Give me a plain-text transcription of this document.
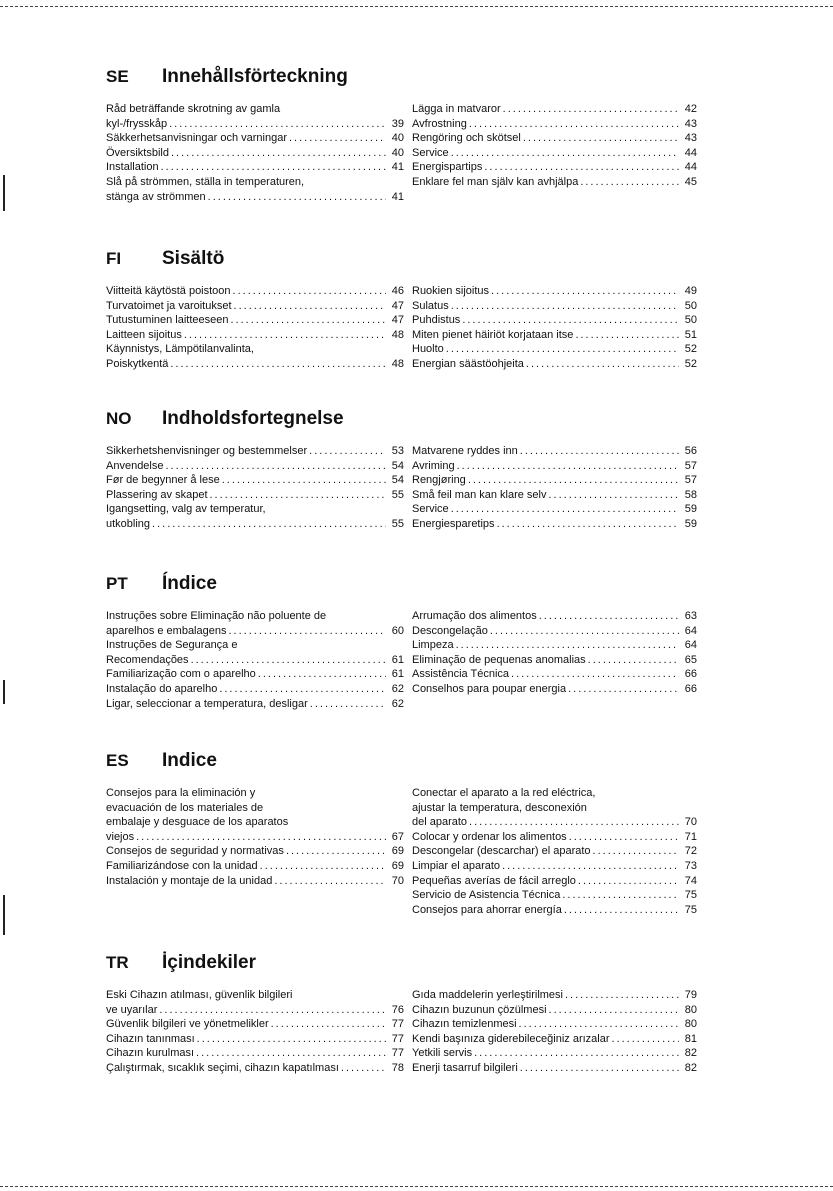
SE Innehållsförteckning
Råd beträffande skrotning av gamla
kyl-/frysskåp .....	39
Säkkerhetsanvisningar och varningar .....	40
Översiktsbild .....	40
Installation .....	41
Slå på strömmen, ställa in temperaturen,
stänga av strömmen .....	41
Lägga in matvaror .....	42
Avfrostning .....	43
Rengöring och skötsel .....	43
Service .....	44
Energispartips .....	44
Enklare fel man själv kan avhjälpa .....	45
FI Sisältö
Viitteitä käytöstä poistoon .....	46
Turvatoimet ja varoitukset .....	47
Tutustuminen laitteeseen .....	47
Laitteen sijoitus .....	48
Käynnistys, Lämpötilanvalinta,
Poiskytkentä .....	48
Ruokien sijoitus .....	49
Sulatus .....	50
Puhdistus .....	50
Miten pienet häiriöt korjataan itse .....	51
Huolto .....	52
Energian säästöohjeita .....	52
NO Indholdsfortegnelse
Sikkerhetshenvisninger og bestemmelser .....	53
Anvendelse .....	54
Før de begynner å lese .....	54
Plassering av skapet .....	55
Igangsetting, valg av temperatur,
utkobling .....	55
Matvarene ryddes inn .....	56
Avriming .....	57
Rengjøring .....	57
Små feil man kan klare selv .....	58
Service .....	59
Energiesparetips .....	59
PT Índice
Instruções sobre Eliminação não poluente de
aparelhos e embalagens .....	60
Instruções de Segurança e
Recomendações .....	61
Familiarização com o aparelho .....	61
Instalação do aparelho .....	62
Ligar, seleccionar a temperatura, desligar .....	62
Arrumação dos alimentos .....	63
Descongelação .....	64
Limpeza .....	64
Eliminação de pequenas anomalias .....	65
Assistência Técnica .....	66
Conselhos para poupar energia .....	66
ES Indice
Consejos para la eliminación y
evacuación de los materiales de
embalaje y desguace de los aparatos
viejos .....	67
Consejos de seguridad y normativas .....	69
Familiarizándose con la unidad .....	69
Instalación y montaje de la unidad .....	70
Conectar el aparato a la red eléctrica,
ajustar la temperatura, desconexión
del aparato .....	70
Colocar y ordenar los alimentos .....	71
Descongelar (descarchar) el aparato .....	72
Limpiar el aparato .....	73
Pequeñas averías de fácil arreglo .....	74
Servicio de Asistencia Técnica .....	75
Consejos para ahorrar energía .....	75
TR İçindekiler
Eski Cihazın atılması, güvenlik bilgileri
ve uyarılar .....	76
Güvenlik bilgileri ve yönetmelikler .....	77
Cihazın tanınması .....	77
Cihazın kurulması .....	77
Çalıştırmak, sıcaklık seçimi, cihazın kapatılması .....	78
Gıda maddelerin yerleştirilmesi .....	79
Cihazın buzunun çözülmesi .....	80
Cihazın temizlenmesi .....	80
Kendi başınıza giderebileceğiniz arızalar .....	81
Yetkili servis .....	82
Enerji tasarruf bilgileri .....	82
